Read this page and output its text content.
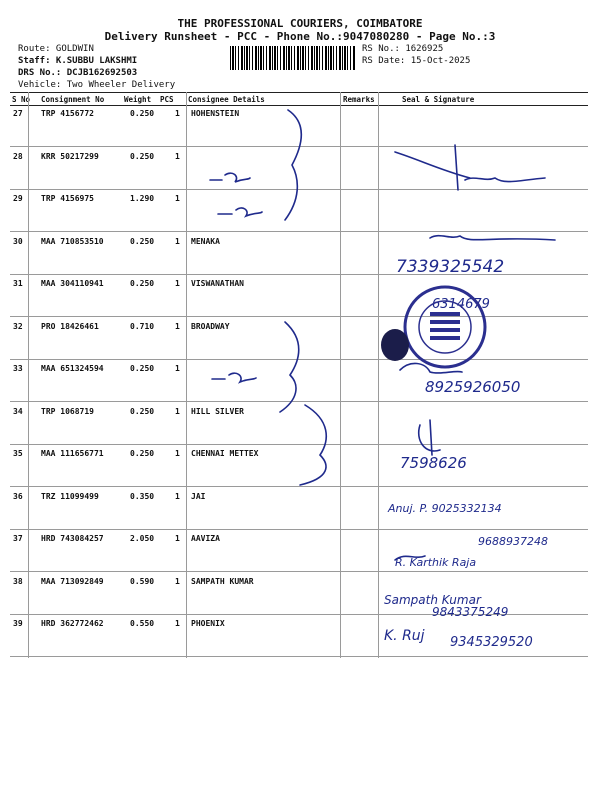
THE PROFESSIONAL COURIERS, COIMBATORE
Delivery Runsheet - PCC - Phone No.:9047080280 - Page No.:3
Route: GOLDWIN
Staff: K.SUBBU LAKSHMI
DRS No.: DCJB162692503
Vehicle: Two Wheeler Delivery
RS No.: 1626925
RS Date: 15-Oct-2025
S No Consignment No	Weight PCS Consignee Details	Remarks	Seal & Signature
27 TRP 4156772	0.250	1 HOHENSTEIN
28 KRR 50217299	0.250	1
29 TRP 4156975	1.290	1
30 MAA 710853510	0.250	1 MENAKA
31 MAA 304110941	0.250	1 VISWANATHAN
32 PRO 18426461	0.710	1 BROADWAY
33 MAA 651324594	0.250	1
34 TRP 1068719	0.250	1 HILL SILVER
35 MAA 111656771	0.250	1 CHENNAI METTEX
36 TRZ 11099499	0.350	1 JAI
37 HRD 743084257	2.050	1 AAVIZA
38 MAA 713092849	0.590	1 SAMPATH KUMAR
39 HRD 362772462	0.550	1 PHOENIX
7339325542
6314679
8925926050
7598626
Anuj. P. 9025332134
9688937248
R. Karthik Raja
Sampath Kumar
9843375249
K. Ruj 9345329520
